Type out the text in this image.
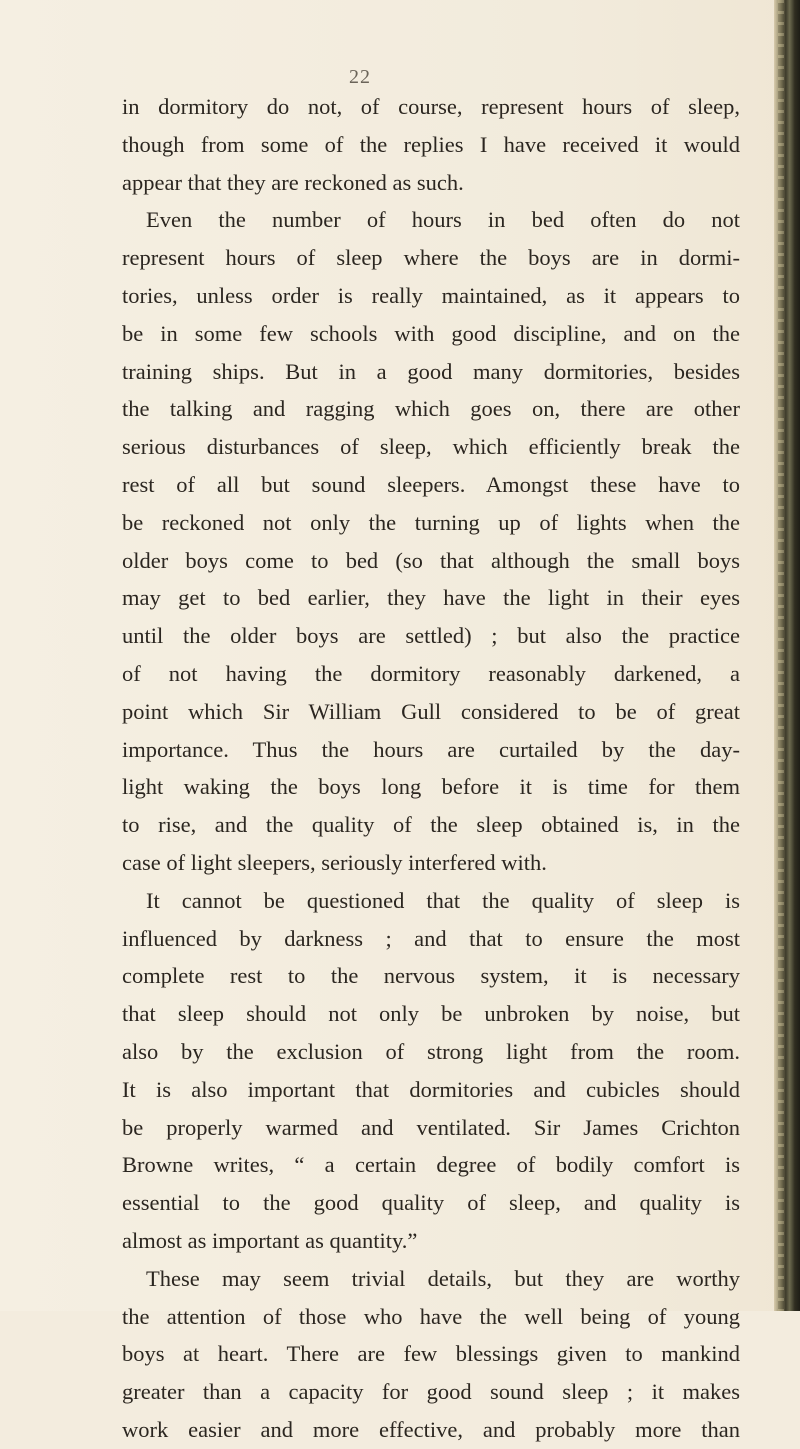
22
in dormitory do not, of course, represent hours of sleep,
though from some of the replies I have received it would
appear that they are reckoned as such.
Even the number of hours in bed often do not
represent hours of sleep where the boys are in dormi-
tories, unless order is really maintained, as it appears to
be in some few schools with good discipline, and on the
training ships. But in a good many dormitories, besides
the talking and ragging which goes on, there are other
serious disturbances of sleep, which efficiently break the
rest of all but sound sleepers. Amongst these have to
be reckoned not only the turning up of lights when the
older boys come to bed (so that although the small boys
may get to bed earlier, they have the light in their eyes
until the older boys are settled) ; but also the practice
of not having the dormitory reasonably darkened, a
point which Sir William Gull considered to be of great
importance. Thus the hours are curtailed by the day-
light waking the boys long before it is time for them
to rise, and the quality of the sleep obtained is, in the
case of light sleepers, seriously interfered with.
It cannot be questioned that the quality of sleep is
influenced by darkness ; and that to ensure the most
complete rest to the nervous system, it is necessary
that sleep should not only be unbroken by noise, but
also by the exclusion of strong light from the room.
It is also important that dormitories and cubicles should
be properly warmed and ventilated. Sir James Crichton
Browne writes, “ a certain degree of bodily comfort is
essential to the good quality of sleep, and quality is
almost as important as quantity.”
These may seem trivial details, but they are worthy
the attention of those who have the well being of young
boys at heart. There are few blessings given to mankind
greater than a capacity for good sound sleep ; it makes
work easier and more effective, and probably more than
